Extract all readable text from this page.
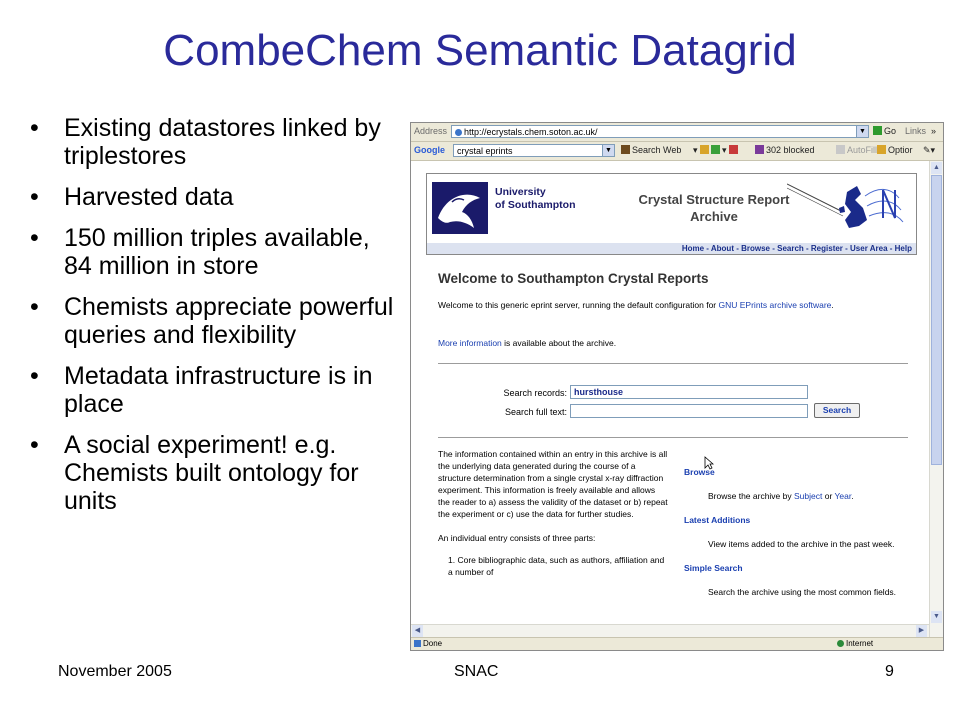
CombeChem Semantic Datagrid
• Existing datastores linked by triplestores
• Harvested data
• 150 million triples available, 84 million in store
• Chemists appreciate powerful queries and flexibility
• Metadata infrastructure is in place
• A social experiment! e.g. Chemists built ontology for units
Address	http://ecrystals.chem.soton.ac.uk/	▼	Go Links »
Google	crystal eprints	▼	Search Web ▾ ▾	302 blocked	AutoFill	Optior ✎▾
University
of Southampton	Crystal Structure Report
Archive
Home - About - Browse - Search - Register - User Area - Help
Welcome to Southampton Crystal Reports
Welcome to this generic eprint server, running the default configuration for GNU EPrints archive software.
More information is available about the archive.
Search records: hursthouse
Search full text:	Search
The information contained within an entry in this archive is all the underlying data generated during the course of a structure determination from a single crystal x-ray diffraction experiment. This information is freely available and allows the reader to a) assess the validity of the dataset or b) repeat the experiment or c) use the data for further studies.
An individual entry consists of three parts:
1. Core bibliographic data, such as authors, affiliation and a number of
Browse
Browse the archive by Subject or Year.
Latest Additions
View items added to the archive in the past week.
Simple Search
Search the archive using the most common fields.
◀	▶
▲
▼
Done	Internet
November 2005	SNAC	9
